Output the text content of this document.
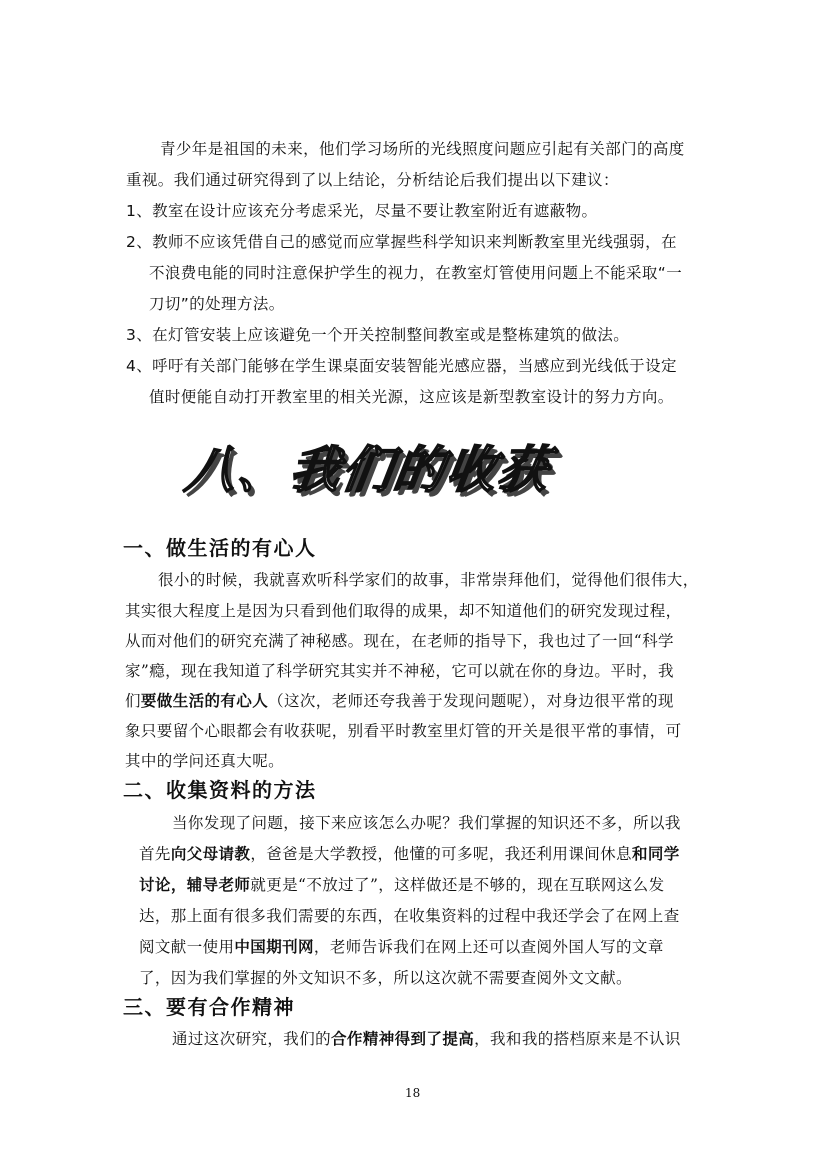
青少年是祖国的未来，他们学习场所的光线照度问题应引起有关部门的高度
重视。我们通过研究得到了以上结论，分析结论后我们提出以下建议：
1、教室在设计应该充分考虑采光，尽量不要让教室附近有遮蔽物。
2、教师不应该凭借自己的感觉而应掌握些科学知识来判断教室里光线强弱，在
不浪费电能的同时注意保护学生的视力，在教室灯管使用问题上不能采取“一
刀切”的处理方法。
3、在灯管安装上应该避免一个开关控制整间教室或是整栋建筑的做法。
4、呼吁有关部门能够在学生课桌面安装智能光感应器，当感应到光线低于设定
值时便能自动打开教室里的相关光源，这应该是新型教室设计的努力方向。
八、我们的收获
一、做生活的有心人
很小的时候，我就喜欢听科学家们的故事，非常崇拜他们，觉得他们很伟大，
其实很大程度上是因为只看到他们取得的成果，却不知道他们的研究发现过程，
从而对他们的研究充满了神秘感。现在，在老师的指导下，我也过了一回“科学
家”瘾，现在我知道了科学研究其实并不神秘，它可以就在你的身边。平时，我
们要做生活的有心人（这次，老师还夸我善于发现问题呢），对身边很平常的现
象只要留个心眼都会有收获呢，别看平时教室里灯管的开关是很平常的事情，可
其中的学问还真大呢。
二、收集资料的方法
当你发现了问题，接下来应该怎么办呢？我们掌握的知识还不多，所以我
首先向父母请教，爸爸是大学教授，他懂的可多呢，我还利用课间休息和同学
讨论，辅导老师就更是“不放过了”，这样做还是不够的，现在互联网这么发
达，那上面有很多我们需要的东西，在收集资料的过程中我还学会了在网上查
阅文献一使用中国期刊网，老师告诉我们在网上还可以查阅外国人写的文章
了，因为我们掌握的外文知识不多，所以这次就不需要查阅外文文献。
三、要有合作精神
通过这次研究，我们的合作精神得到了提高，我和我的搭档原来是不认识
18
